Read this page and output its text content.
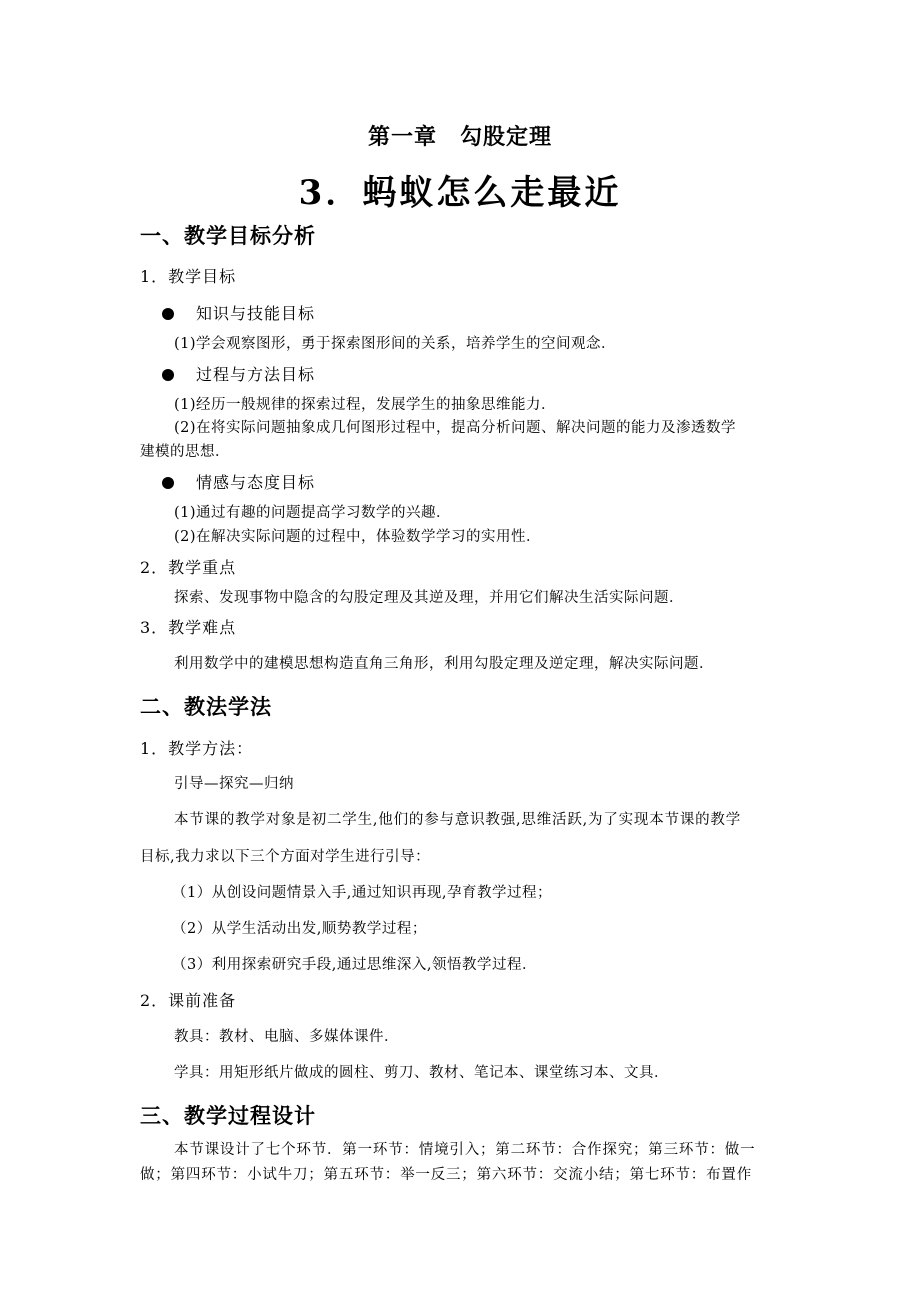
第一章　勾股定理
3．蚂蚁怎么走最近
一、教学目标分析
1．教学目标
知识与技能目标
(1)学会观察图形，勇于探索图形间的关系，培养学生的空间观念．
过程与方法目标
(1)经历一般规律的探索过程，发展学生的抽象思维能力．
(2)在将实际问题抽象成几何图形过程中，提高分析问题、解决问题的能力及渗透数学
建模的思想．
情感与态度目标
(1)通过有趣的问题提高学习数学的兴趣．
(2)在解决实际问题的过程中，体验数学学习的实用性．
2．教学重点
探索、发现事物中隐含的勾股定理及其逆及理，并用它们解决生活实际问题．
3．教学难点
利用数学中的建模思想构造直角三角形，利用勾股定理及逆定理，解决实际问题．
二、教法学法
1．教学方法：
引导—探究—归纳
本节课的教学对象是初二学生,他们的参与意识教强,思维活跃,为了实现本节课的教学
目标,我力求以下三个方面对学生进行引导：
（1）从创设问题情景入手,通过知识再现,孕育教学过程；
（2）从学生活动出发,顺势教学过程；
（3）利用探索研究手段,通过思维深入,领悟教学过程．
2．课前准备
教具：教材、电脑、多媒体课件．
学具：用矩形纸片做成的圆柱、剪刀、教材、笔记本、课堂练习本、文具．
三、教学过程设计
本节课设计了七个环节．第一环节：情境引入；第二环节：合作探究；第三环节：做一
做；第四环节：小试牛刀；第五环节：举一反三；第六环节：交流小结；第七环节：布置作
